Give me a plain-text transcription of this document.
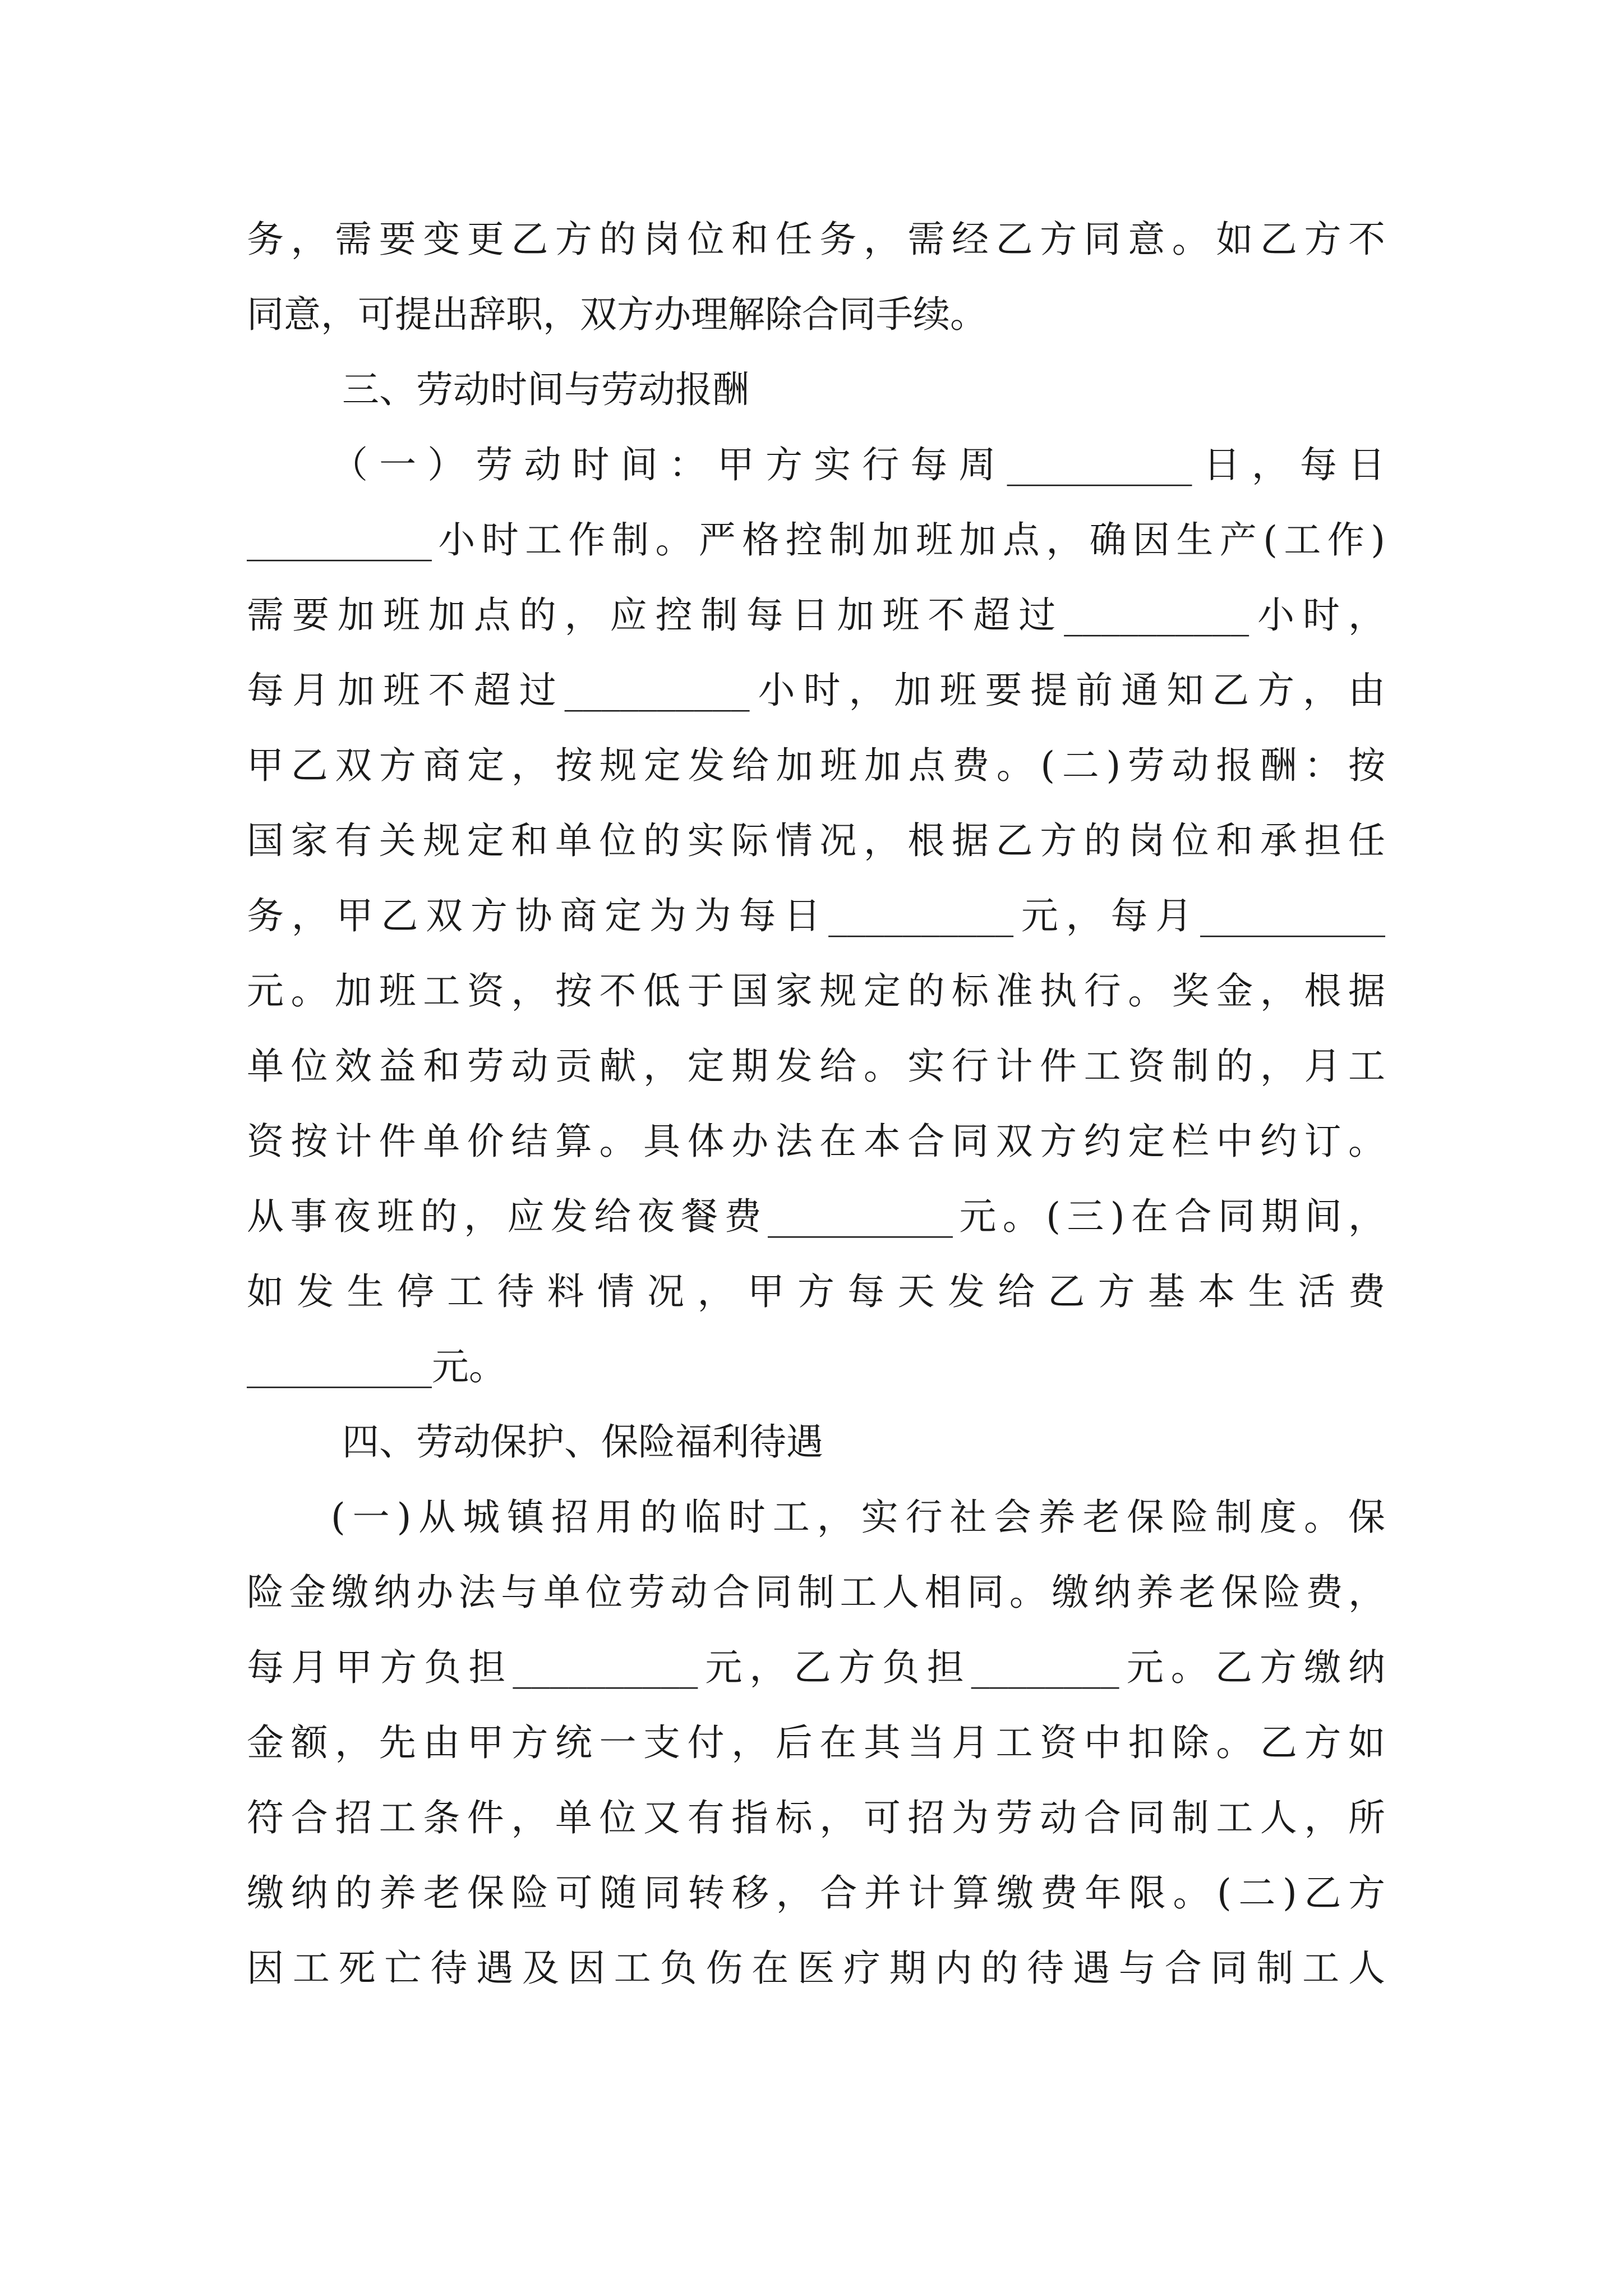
务，需要变更乙方的岗位和任务，需经乙方同意。如乙方不
同意，可提出辞职，双方办理解除合同手续。
三、劳动时间与劳动报酬
（一）劳动时间：甲方实行每周__________日，每日
__________小时工作制。严格控制加班加点，确因生产(工作)
需要加班加点的，应控制每日加班不超过__________小时，
每月加班不超过__________小时，加班要提前通知乙方，由
甲乙双方商定，按规定发给加班加点费。(二)劳动报酬：按
国家有关规定和单位的实际情况，根据乙方的岗位和承担任
务，甲乙双方协商定为为每日__________元，每月__________
元。加班工资，按不低于国家规定的标准执行。奖金，根据
单位效益和劳动贡献，定期发给。实行计件工资制的，月工
资按计件单价结算。具体办法在本合同双方约定栏中约订。
从事夜班的，应发给夜餐费__________元。(三)在合同期间，
如发生停工待料情况，甲方每天发给乙方基本生活费
__________元。
四、劳动保护、保险福利待遇
(一)从城镇招用的临时工，实行社会养老保险制度。保
险金缴纳办法与单位劳动合同制工人相同。缴纳养老保险费，
每月甲方负担__________元，乙方负担________元。乙方缴纳
金额，先由甲方统一支付，后在其当月工资中扣除。乙方如
符合招工条件，单位又有指标，可招为劳动合同制工人，所
缴纳的养老保险可随同转移，合并计算缴费年限。(二)乙方
因工死亡待遇及因工负伤在医疗期内的待遇与合同制工人
